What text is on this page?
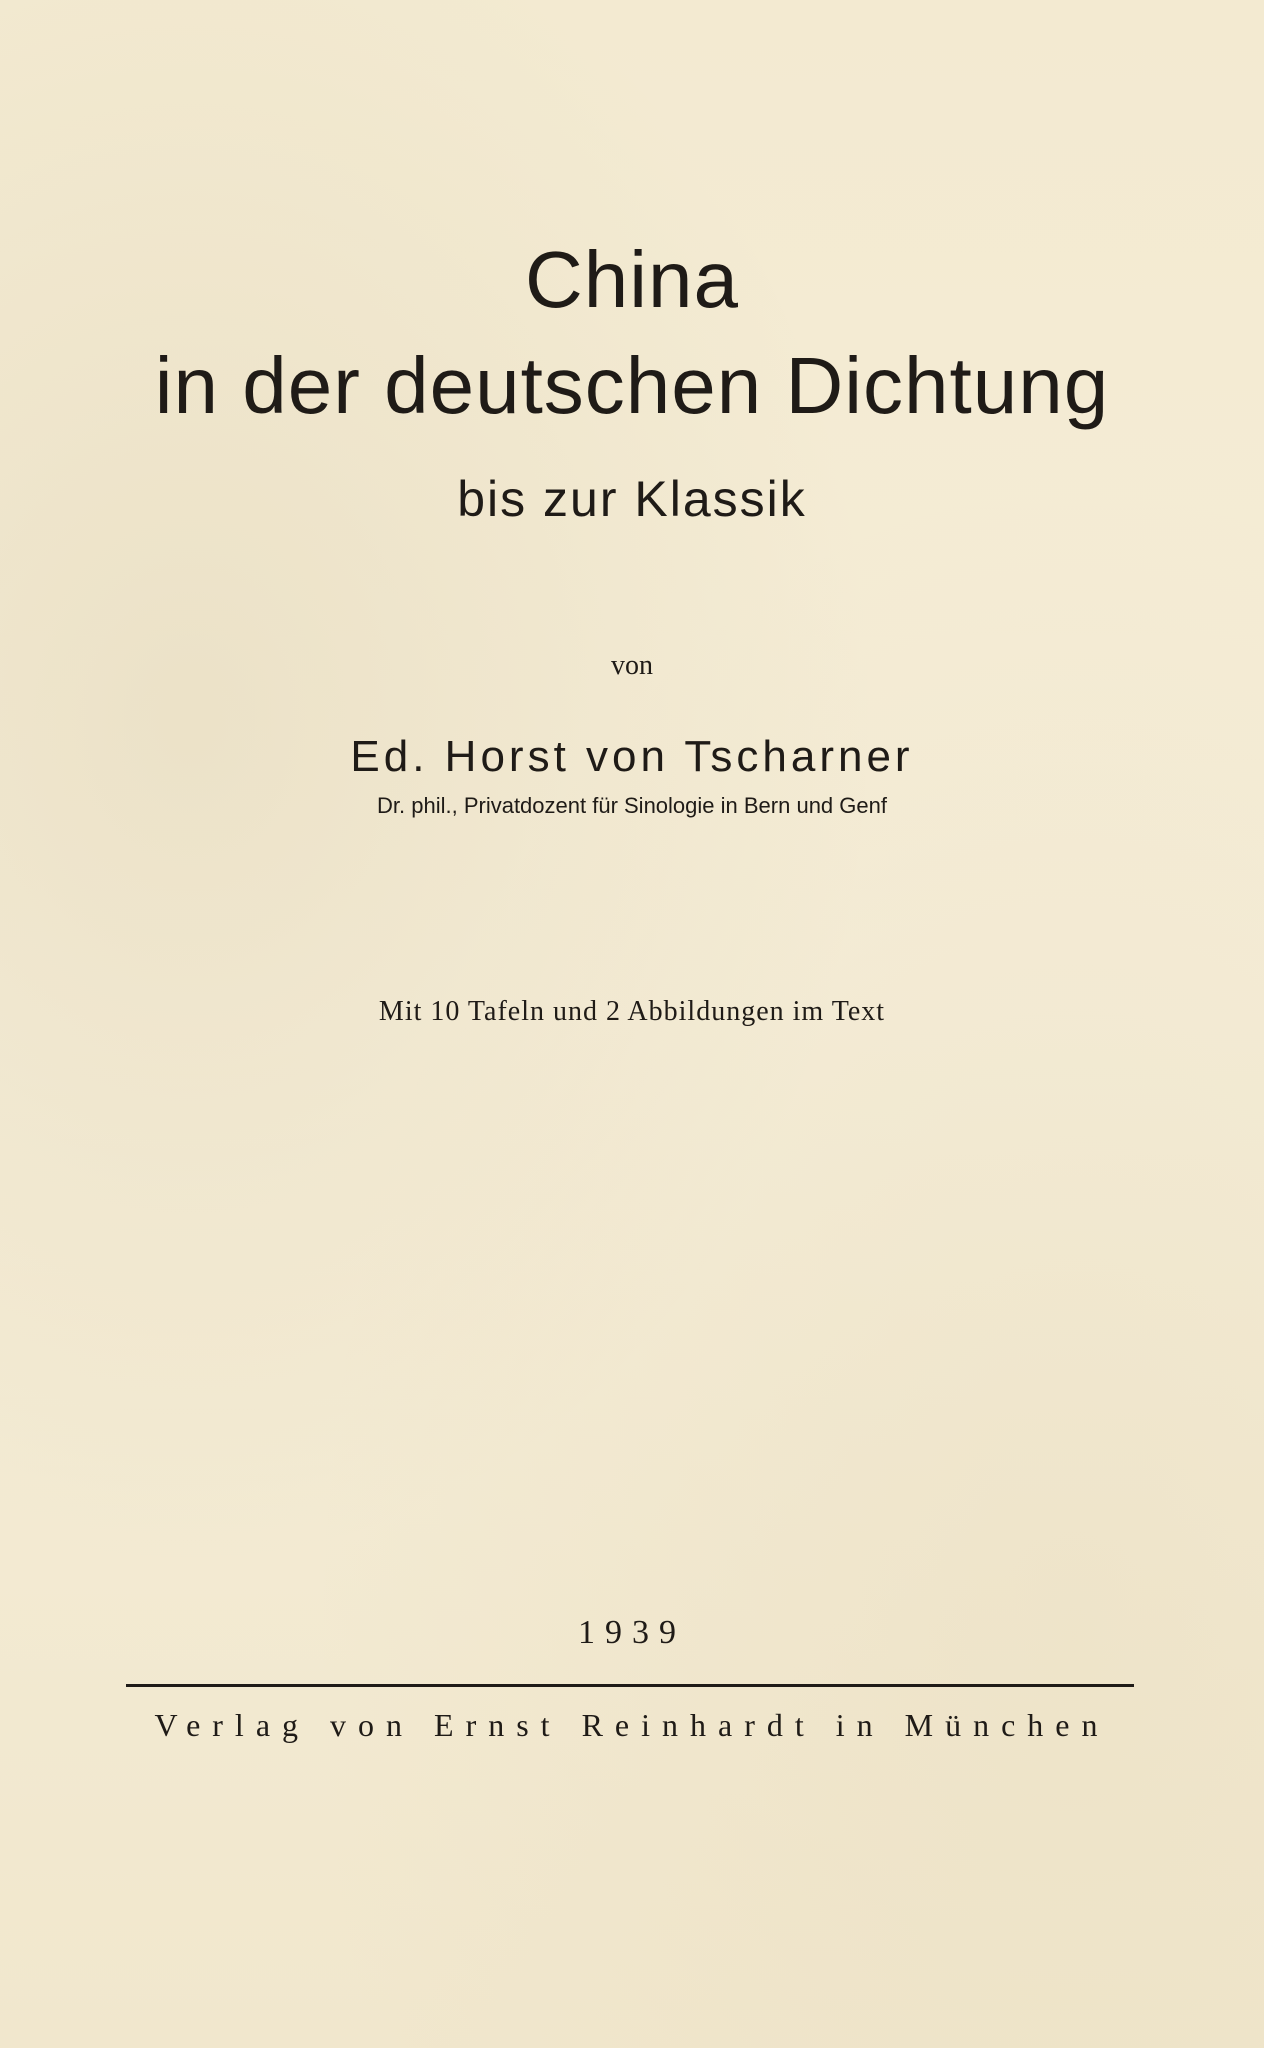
China
in der deutschen Dichtung
bis zur Klassik
von
Ed. Horst von Tscharner
Dr. phil., Privatdozent für Sinologie in Bern und Genf
Mit 10 Tafeln und 2 Abbildungen im Text
1939
Verlag von Ernst Reinhardt in München
